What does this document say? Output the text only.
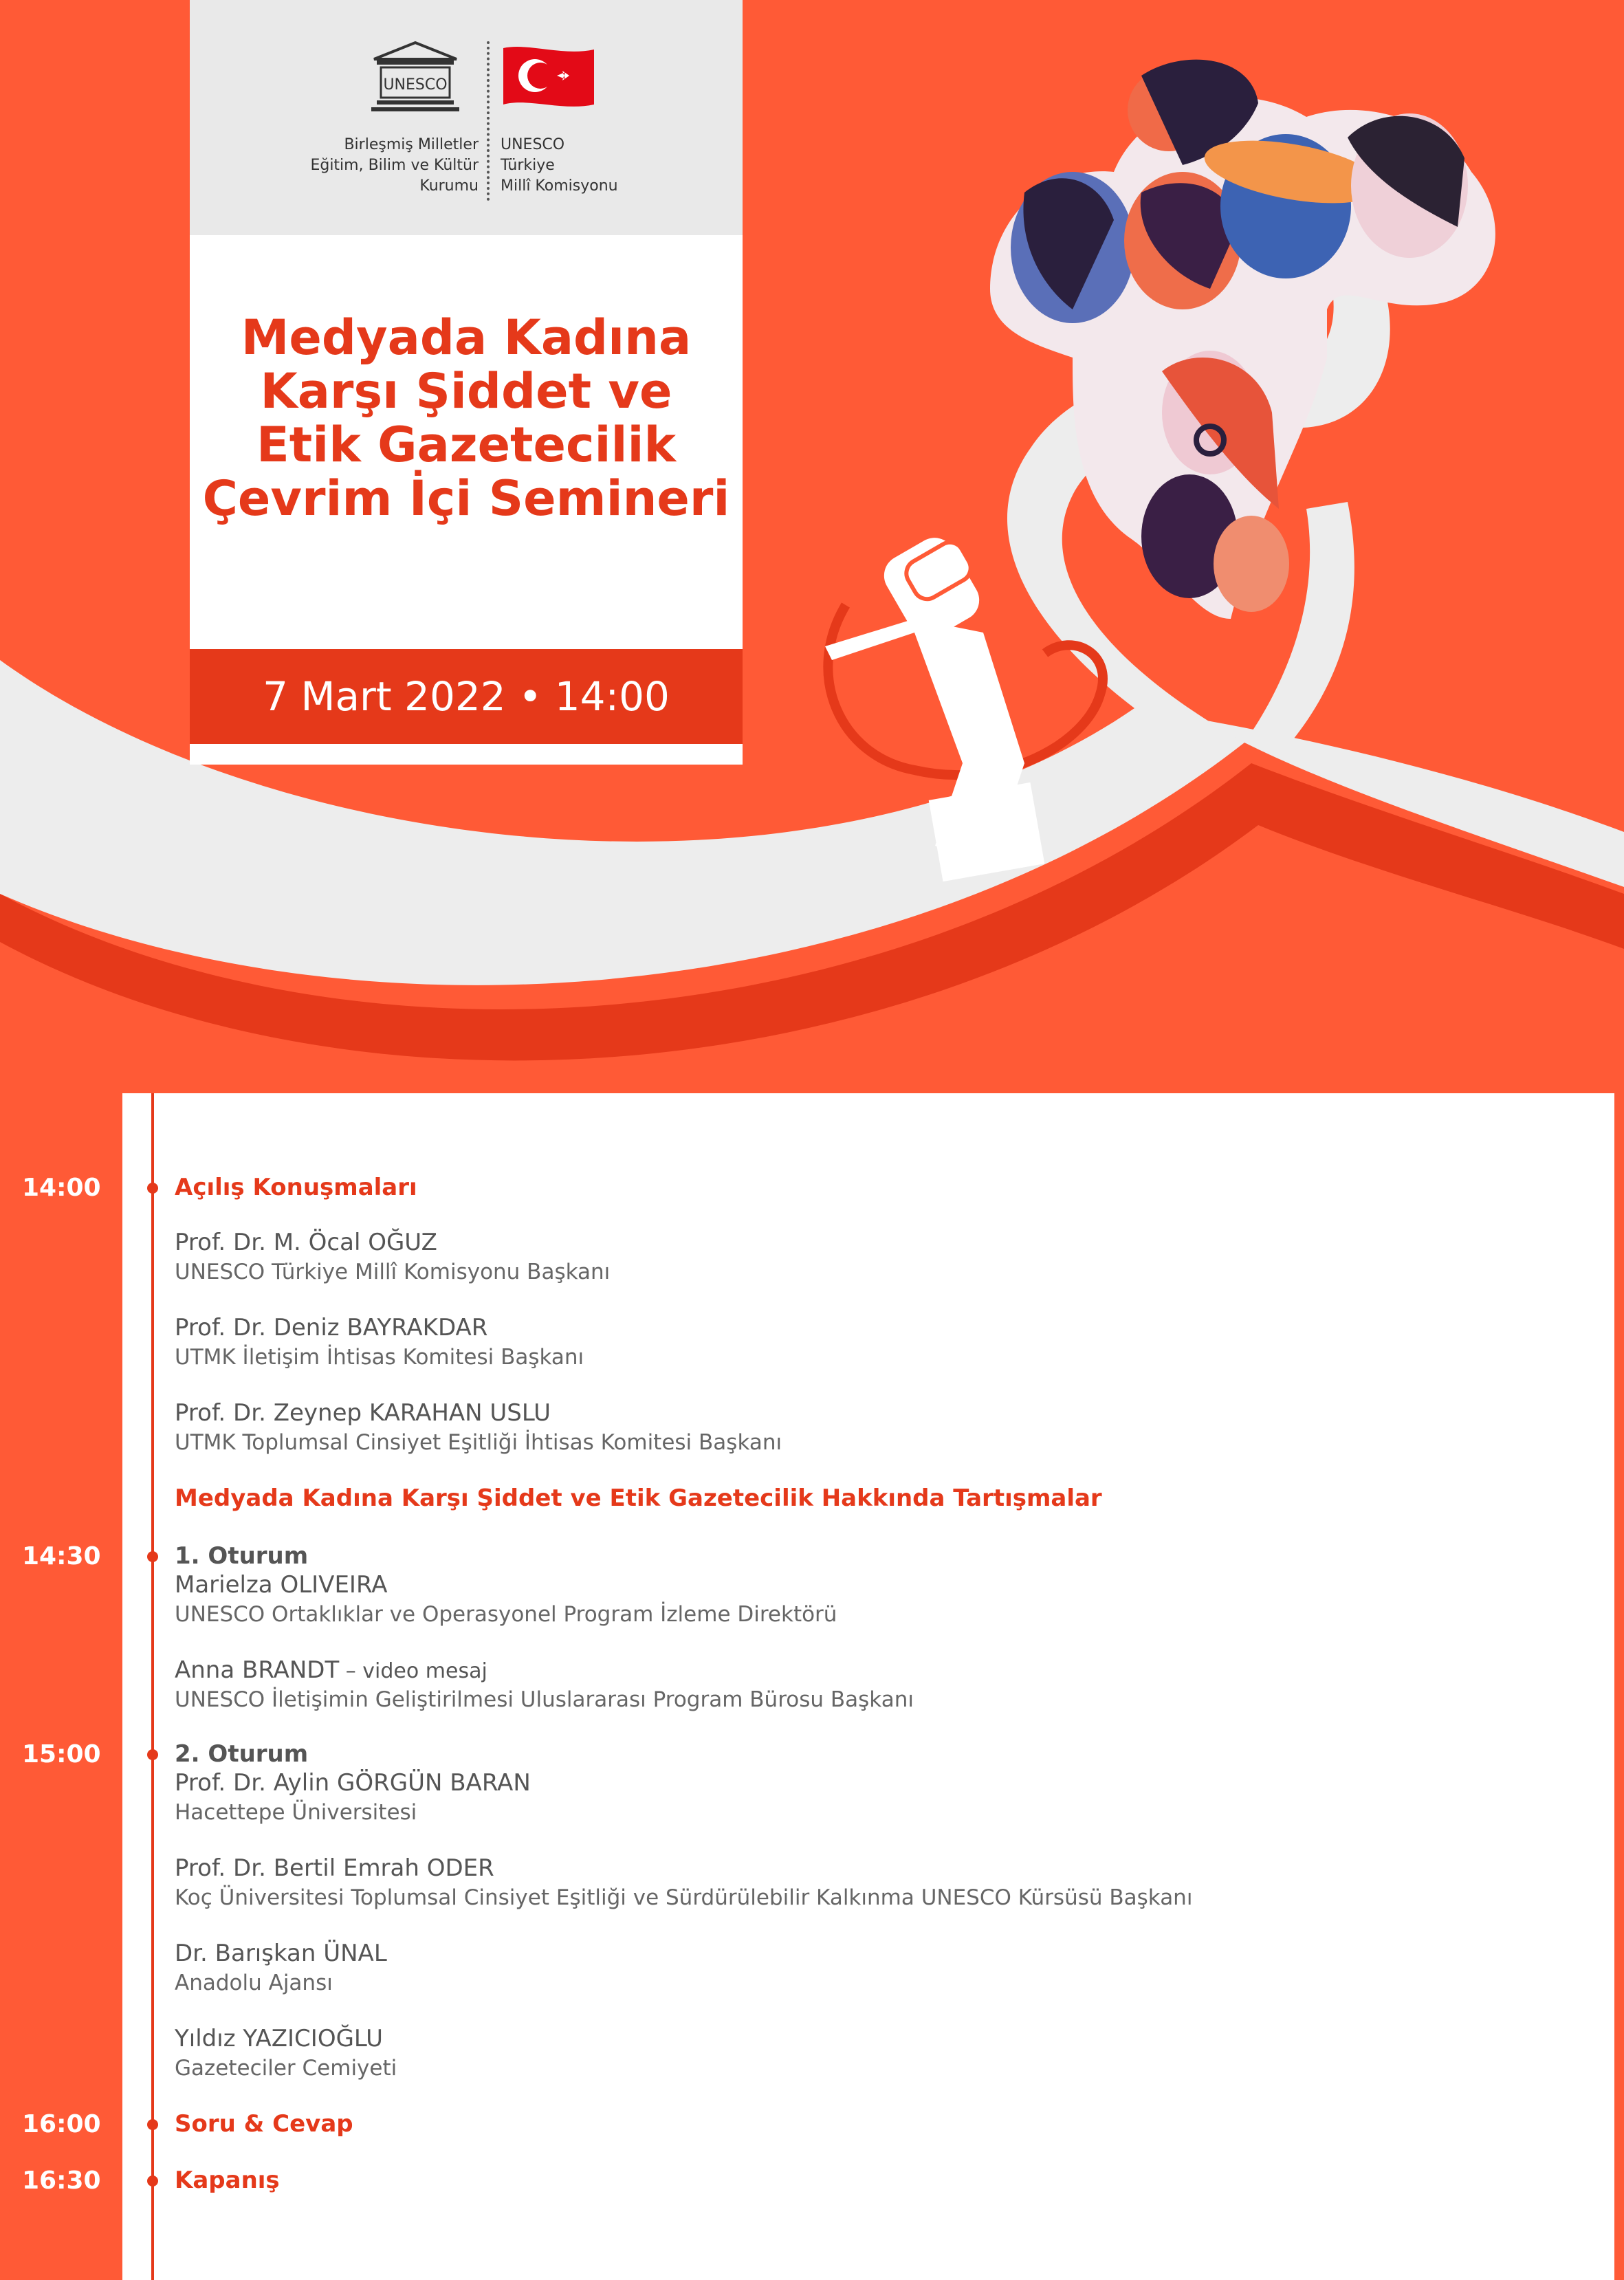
UNESCO
Birleşmiş Milletler
Eğitim, Bilim ve Kültür
Kurumu
UNESCO
Türkiye
Millî Komisyonu
Medyada Kadına
Karşı Şiddet ve
Etik Gazetecilik
Çevrim İçi Semineri
7 Mart 2022 • 14:00
14:00
14:30
15:00
16:00
16:30
Açılış Konuşmaları
Prof. Dr. M. Öcal OĞUZ
UNESCO Türkiye Millî Komisyonu Başkanı
Prof. Dr. Deniz BAYRAKDAR
UTMK İletişim İhtisas Komitesi Başkanı
Prof. Dr. Zeynep KARAHAN USLU
UTMK Toplumsal Cinsiyet Eşitliği İhtisas Komitesi Başkanı
Medyada Kadına Karşı Şiddet ve Etik Gazetecilik Hakkında Tartışmalar
1. Oturum
Marielza OLIVEIRA
UNESCO Ortaklıklar ve Operasyonel Program İzleme Direktörü
Anna BRANDT – video mesaj
UNESCO İletişimin Geliştirilmesi Uluslararası Program Bürosu Başkanı
2. Oturum
Prof. Dr. Aylin GÖRGÜN BARAN
Hacettepe Üniversitesi
Prof. Dr. Bertil Emrah ODER
Koç Üniversitesi Toplumsal Cinsiyet Eşitliği ve Sürdürülebilir Kalkınma UNESCO Kürsüsü Başkanı
Dr. Barışkan ÜNAL
Anadolu Ajansı
Yıldız YAZICIOĞLU
Gazeteciler Cemiyeti
Soru & Cevap
Kapanış
